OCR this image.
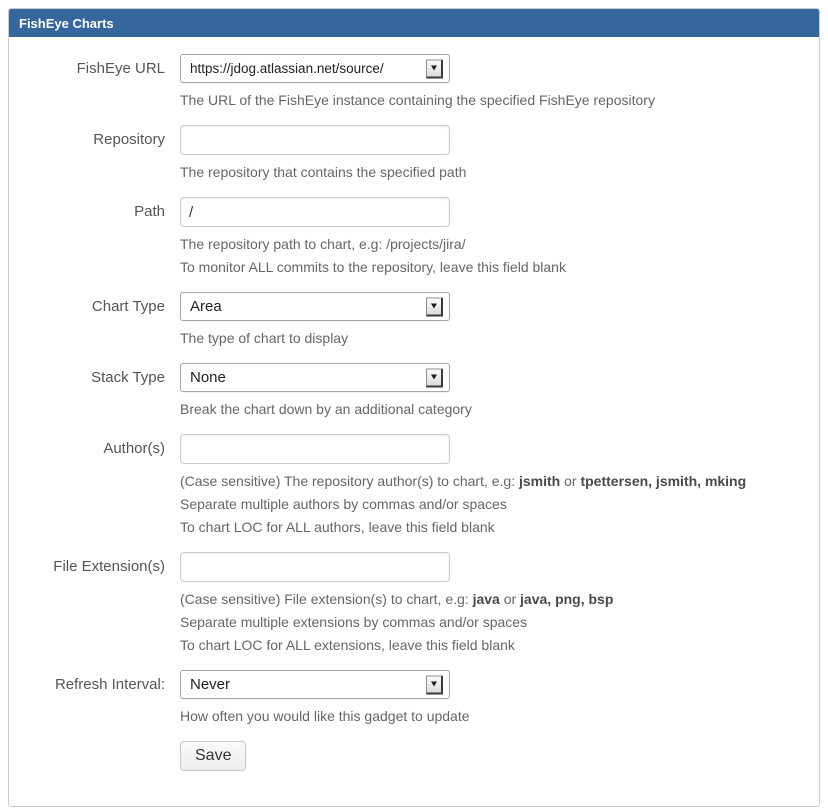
FishEye Charts
FishEye URL https://jdog.atlassian.net/source/
The URL of the FishEye instance containing the specified FishEye repository
Repository
The repository that contains the specified path
Path
/
The repository path to chart, e.g: /projects/jira/
To monitor ALL commits to the repository, leave this field blank
Chart Type Area
The type of chart to display
Stack Type None
Break the chart down by an additional category
Author(s)
(Case sensitive) The repository author(s) to chart, e.g: jsmith or tpettersen, jsmith, mking
Separate multiple authors by commas and/or spaces
To chart LOC for ALL authors, leave this field blank
File Extension(s)
(Case sensitive) File extension(s) to chart, e.g: java or java, png, bsp
Separate multiple extensions by commas and/or spaces
To chart LOC for ALL extensions, leave this field blank
Refresh Interval: Never
How often you would like this gadget to update
Save
